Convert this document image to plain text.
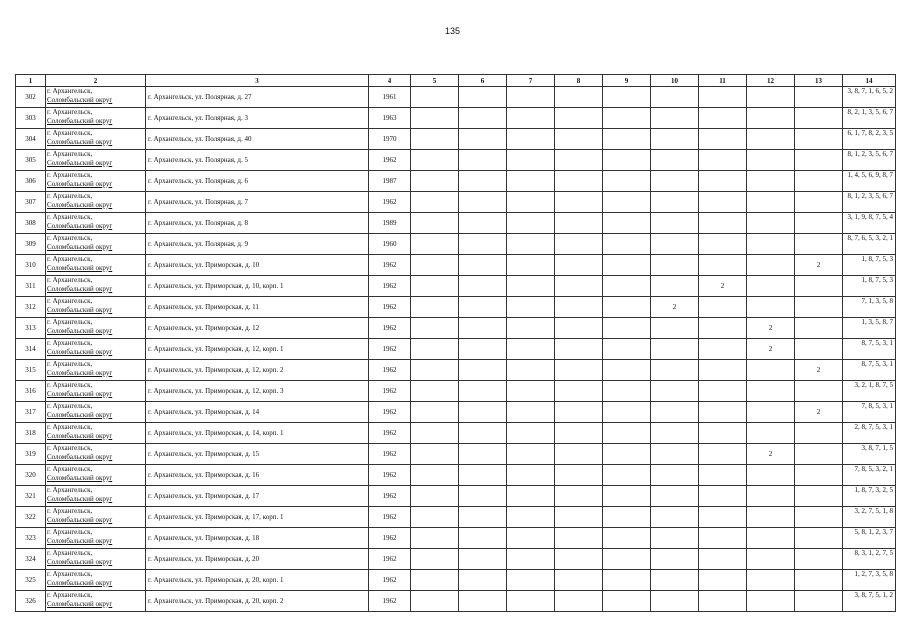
135
1	2	3	4	5	6	7	8	9	10	11	12	13	14
302	г. Архангельск,
Соломбальский округ	г. Архангельск, ул. Полярная, д. 27	1961										3, 8, 7, 1, 6, 5, 2
303	г. Архангельск,
Соломбальский округ	г. Архангельск, ул. Полярная, д. 3	1963										8, 2, 1, 3, 5, 6, 7
304	г. Архангельск,
Соломбальский округ	г. Архангельск, ул. Полярная, д. 40	1970										6, 1, 7, 8, 2, 3, 5
305	г. Архангельск,
Соломбальский округ	г. Архангельск, ул. Полярная, д. 5	1962										8, 1, 2, 3, 5, 6, 7
306	г. Архангельск,
Соломбальский округ	г. Архангельск, ул. Полярная, д. 6	1987										1, 4, 5, 6, 9, 8, 7
307	г. Архангельск,
Соломбальский округ	г. Архангельск, ул. Полярная, д. 7	1962										8, 1, 2, 3, 5, 6, 7
308	г. Архангельск,
Соломбальский округ	г. Архангельск, ул. Полярная, д. 8	1989										3, 1, 9, 8, 7, 5, 4
309	г. Архангельск,
Соломбальский округ	г. Архангельск, ул. Полярная, д. 9	1960										8, 7, 6, 5, 3, 2, 1
310	г. Архангельск,
Соломбальский округ	г. Архангельск, ул. Приморская, д. 10	1962									2	1, 8, 7, 5, 3
311	г. Архангельск,
Соломбальский округ	г. Архангельск, ул. Приморская, д. 10, корп. 1	1962							2			1, 8, 7, 5, 3
312	г. Архангельск,
Соломбальский округ	г. Архангельск, ул. Приморская, д. 11	1962						2				7, 1, 3, 5, 8
313	г. Архангельск,
Соломбальский округ	г. Архангельск, ул. Приморская, д. 12	1962								2		1, 3, 5, 8, 7
314	г. Архангельск,
Соломбальский округ	г. Архангельск, ул. Приморская, д. 12, корп. 1	1962								2		8, 7, 5, 3, 1
315	г. Архангельск,
Соломбальский округ	г. Архангельск, ул. Приморская, д. 12, корп. 2	1962									2	8, 7, 5, 3, 1
316	г. Архангельск,
Соломбальский округ	г. Архангельск, ул. Приморская, д. 12, корп. 3	1962										3, 2, 1, 8, 7, 5
317	г. Архангельск,
Соломбальский округ	г. Архангельск, ул. Приморская, д. 14	1962									2	7, 8, 5, 3, 1
318	г. Архангельск,
Соломбальский округ	г. Архангельск, ул. Приморская, д. 14, корп. 1	1962										2, 8, 7, 5, 3, 1
319	г. Архангельск,
Соломбальский округ	г. Архангельск, ул. Приморская, д. 15	1962								2		3, 8, 7, 1, 5
320	г. Архангельск,
Соломбальский округ	г. Архангельск, ул. Приморская, д. 16	1962										7, 8, 5, 3, 2, 1
321	г. Архангельск,
Соломбальский округ	г. Архангельск, ул. Приморская, д. 17	1962										1, 8, 7, 3, 2, 5
322	г. Архангельск,
Соломбальский округ	г. Архангельск, ул. Приморская, д. 17, корп. 1	1962										3, 2, 7, 5, 1, 8
323	г. Архангельск,
Соломбальский округ	г. Архангельск, ул. Приморская, д. 18	1962										5, 8, 1, 2, 3, 7
324	г. Архангельск,
Соломбальский округ	г. Архангельск, ул. Приморская, д. 20	1962										8, 3, 1, 2, 7, 5
325	г. Архангельск,
Соломбальский округ	г. Архангельск, ул. Приморская, д. 20, корп. 1	1962										1, 2, 7, 3, 5, 8
326	г. Архангельск,
Соломбальский округ	г. Архангельск, ул. Приморская, д. 20, корп. 2	1962										3, 8, 7, 5, 1, 2
